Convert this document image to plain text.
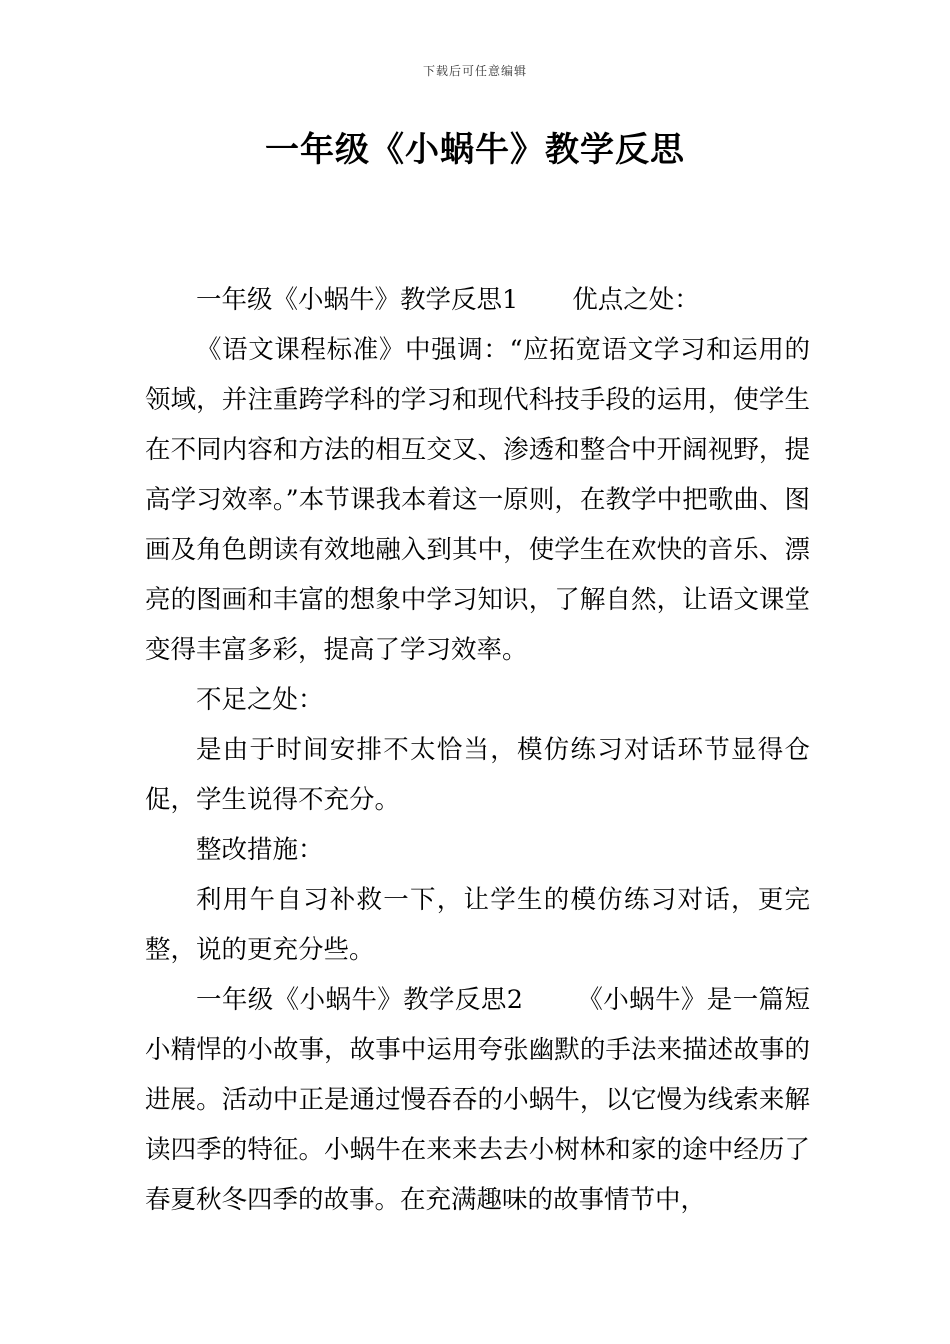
下载后可任意编辑
一年级《小蜗牛》教学反思

一年级《小蜗牛》教学反思1 优点之处：

《语文课程标准》中强调：“应拓宽语文学习和运用的领域，并注重跨学科的学习和现代科技手段的运用，使学生在不同内容和方法的相互交叉、渗透和整合中开阔视野，提高学习效率。”本节课我本着这一原则，在教学中把歌曲、图画及角色朗读有效地融入到其中，使学生在欢快的音乐、漂亮的图画和丰富的想象中学习知识，了解自然，让语文课堂变得丰富多彩，提高了学习效率。

不足之处：

是由于时间安排不太恰当，模仿练习对话环节显得仓促，学生说得不充分。

整改措施：

利用午自习补救一下，让学生的模仿练习对话，更完整，说的更充分些。

一年级《小蜗牛》教学反思2 《小蜗牛》是一篇短小精悍的小故事，故事中运用夸张幽默的手法来描述故事的进展。活动中正是通过慢吞吞的小蜗牛，以它慢为线索来解读四季的特征。小蜗牛在来来去去小树林和家的途中经历了春夏秋冬四季的故事。在充满趣味的故事情节中，
